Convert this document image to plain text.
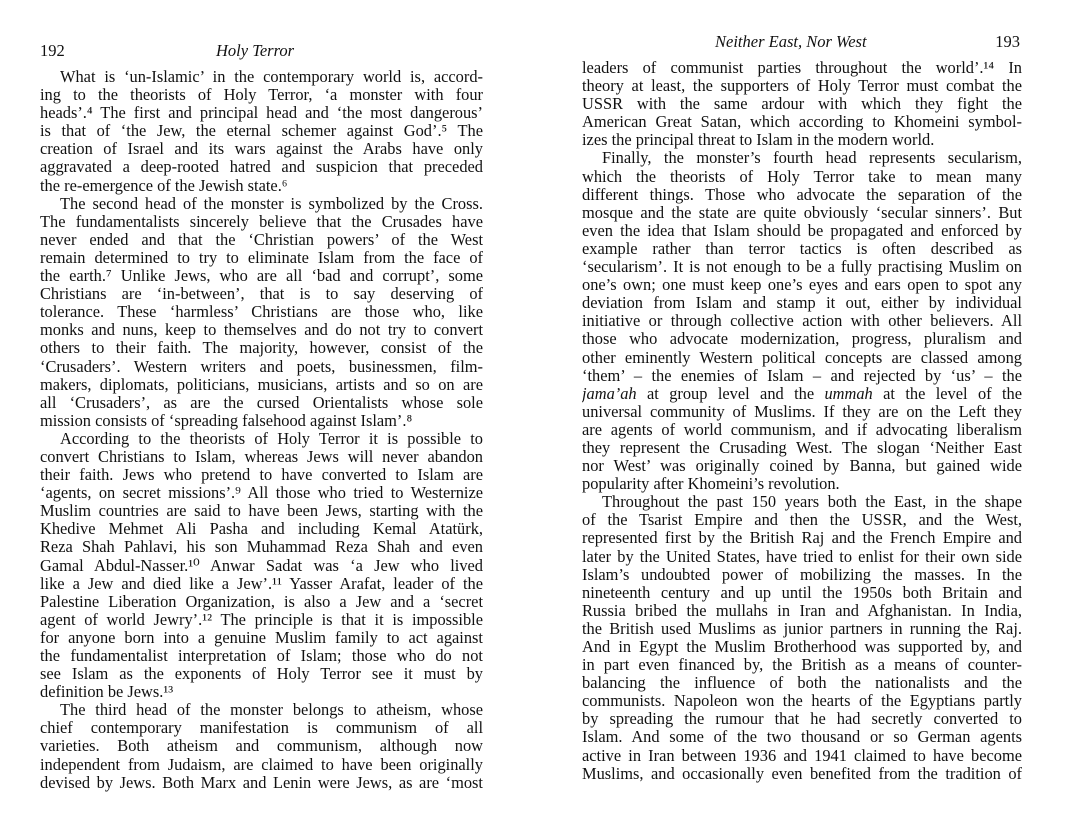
192	Holy Terror
What is ‘un-Islamic’ in the contemporary world is, accord-
ing to the theorists of Holy Terror, ‘a monster with four
heads’.⁴ The first and principal head and ‘the most dangerous’
is that of ‘the Jew, the eternal schemer against God’.⁵ The
creation of Israel and its wars against the Arabs have only
aggravated a deep-rooted hatred and suspicion that preceded
the re-emergence of the Jewish state.⁶
The second head of the monster is symbolized by the Cross.
The fundamentalists sincerely believe that the Crusades have
never ended and that the ‘Christian powers’ of the West
remain determined to try to eliminate Islam from the face of
the earth.⁷ Unlike Jews, who are all ‘bad and corrupt’, some
Christians are ‘in-between’, that is to say deserving of
tolerance. These ‘harmless’ Christians are those who, like
monks and nuns, keep to themselves and do not try to convert
others to their faith. The majority, however, consist of the
‘Crusaders’. Western writers and poets, businessmen, film-
makers, diplomats, politicians, musicians, artists and so on are
all ‘Crusaders’, as are the cursed Orientalists whose sole
mission consists of ‘spreading falsehood against Islam’.⁸
According to the theorists of Holy Terror it is possible to
convert Christians to Islam, whereas Jews will never abandon
their faith. Jews who pretend to have converted to Islam are
‘agents, on secret missions’.⁹ All those who tried to Westernize
Muslim countries are said to have been Jews, starting with the
Khedive Mehmet Ali Pasha and including Kemal Atatürk,
Reza Shah Pahlavi, his son Muhammad Reza Shah and even
Gamal Abdul-Nasser.¹⁰ Anwar Sadat was ‘a Jew who lived
like a Jew and died like a Jew’.¹¹ Yasser Arafat, leader of the
Palestine Liberation Organization, is also a Jew and a ‘secret
agent of world Jewry’.¹² The principle is that it is impossible
for anyone born into a genuine Muslim family to act against
the fundamentalist interpretation of Islam; those who do not
see Islam as the exponents of Holy Terror see it must by
definition be Jews.¹³
The third head of the monster belongs to atheism, whose
chief contemporary manifestation is communism of all
varieties. Both atheism and communism, although now
independent from Judaism, are claimed to have been originally
devised by Jews. Both Marx and Lenin were Jews, as are ‘most
Neither East, Nor West	193
leaders of communist parties throughout the world’.¹⁴ In
theory at least, the supporters of Holy Terror must combat the
USSR with the same ardour with which they fight the
American Great Satan, which according to Khomeini symbol-
izes the principal threat to Islam in the modern world.
Finally, the monster’s fourth head represents secularism,
which the theorists of Holy Terror take to mean many
different things. Those who advocate the separation of the
mosque and the state are quite obviously ‘secular sinners’. But
even the idea that Islam should be propagated and enforced by
example rather than terror tactics is often described as
‘secularism’. It is not enough to be a fully practising Muslim on
one’s own; one must keep one’s eyes and ears open to spot any
deviation from Islam and stamp it out, either by individual
initiative or through collective action with other believers. All
those who advocate modernization, progress, pluralism and
other eminently Western political concepts are classed among
‘them’ – the enemies of Islam – and rejected by ‘us’ – the
jama’ah at group level and the ummah at the level of the
universal community of Muslims. If they are on the Left they
are agents of world communism, and if advocating liberalism
they represent the Crusading West. The slogan ‘Neither East
nor West’ was originally coined by Banna, but gained wide
popularity after Khomeini’s revolution.
Throughout the past 150 years both the East, in the shape
of the Tsarist Empire and then the USSR, and the West,
represented first by the British Raj and the French Empire and
later by the United States, have tried to enlist for their own side
Islam’s undoubted power of mobilizing the masses. In the
nineteenth century and up until the 1950s both Britain and
Russia bribed the mullahs in Iran and Afghanistan. In India,
the British used Muslims as junior partners in running the Raj.
And in Egypt the Muslim Brotherhood was supported by, and
in part even financed by, the British as a means of counter-
balancing the influence of both the nationalists and the
communists. Napoleon won the hearts of the Egyptians partly
by spreading the rumour that he had secretly converted to
Islam. And some of the two thousand or so German agents
active in Iran between 1936 and 1941 claimed to have become
Muslims, and occasionally even benefited from the tradition of
